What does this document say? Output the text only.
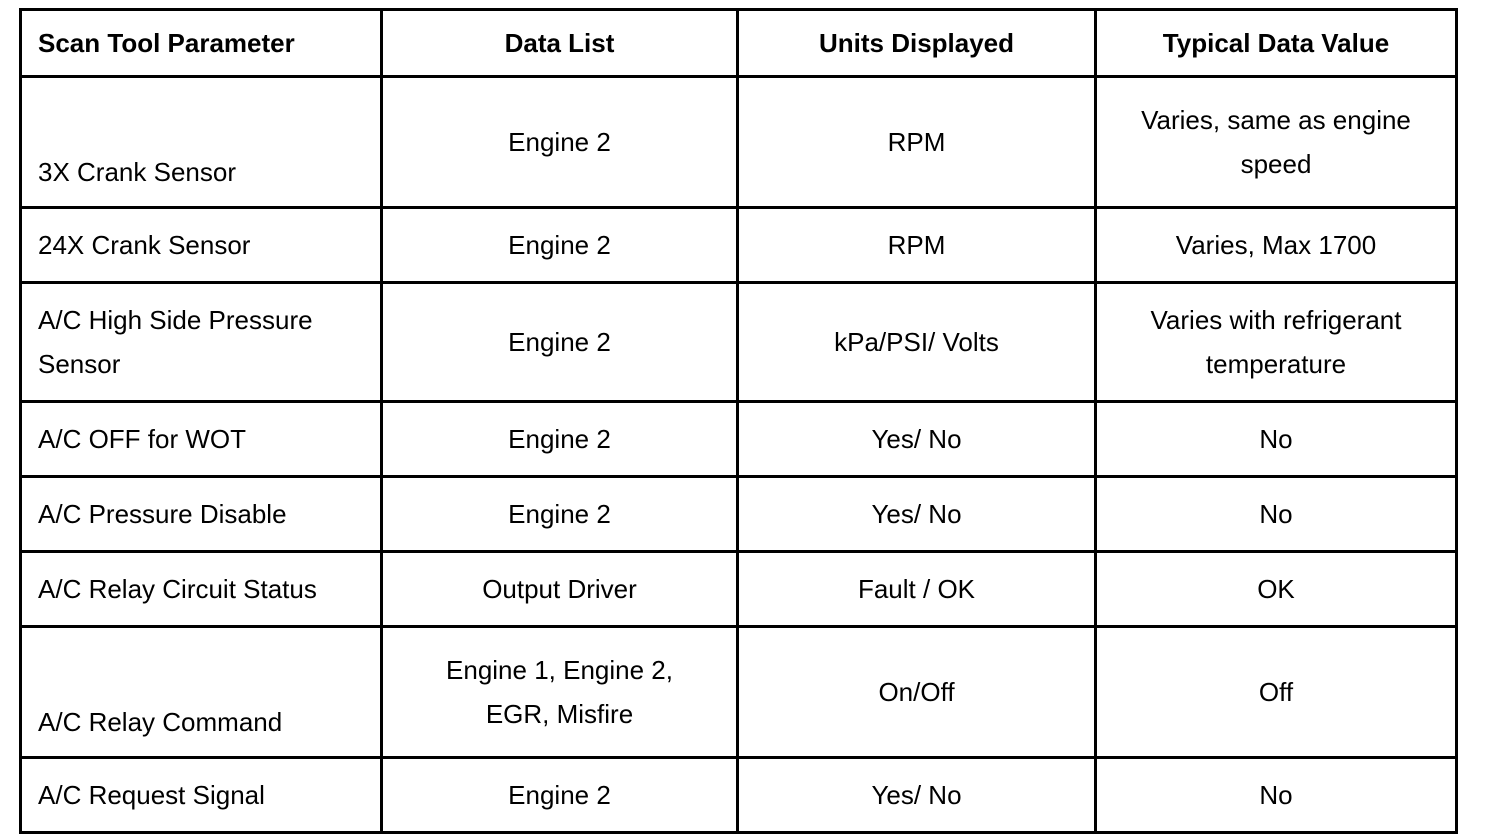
Scan Tool Parameter	Data List	Units Displayed	Typical Data Value

3X Crank Sensor	Engine 2	RPM	Varies, same as engine
speed

24X Crank Sensor	Engine 2	RPM	Varies, Max 1700

A/C High Side Pressure
Sensor	Engine 2	kPa/PSI/ Volts	Varies with refrigerant
temperature

A/C OFF for WOT	Engine 2	Yes/ No	No

A/C Pressure Disable	Engine 2	Yes/ No	No

A/C Relay Circuit Status	Output Driver	Fault / OK	OK

A/C Relay Command	Engine 1, Engine 2,
EGR, Misfire	On/Off	Off

A/C Request Signal	Engine 2	Yes/ No	No
